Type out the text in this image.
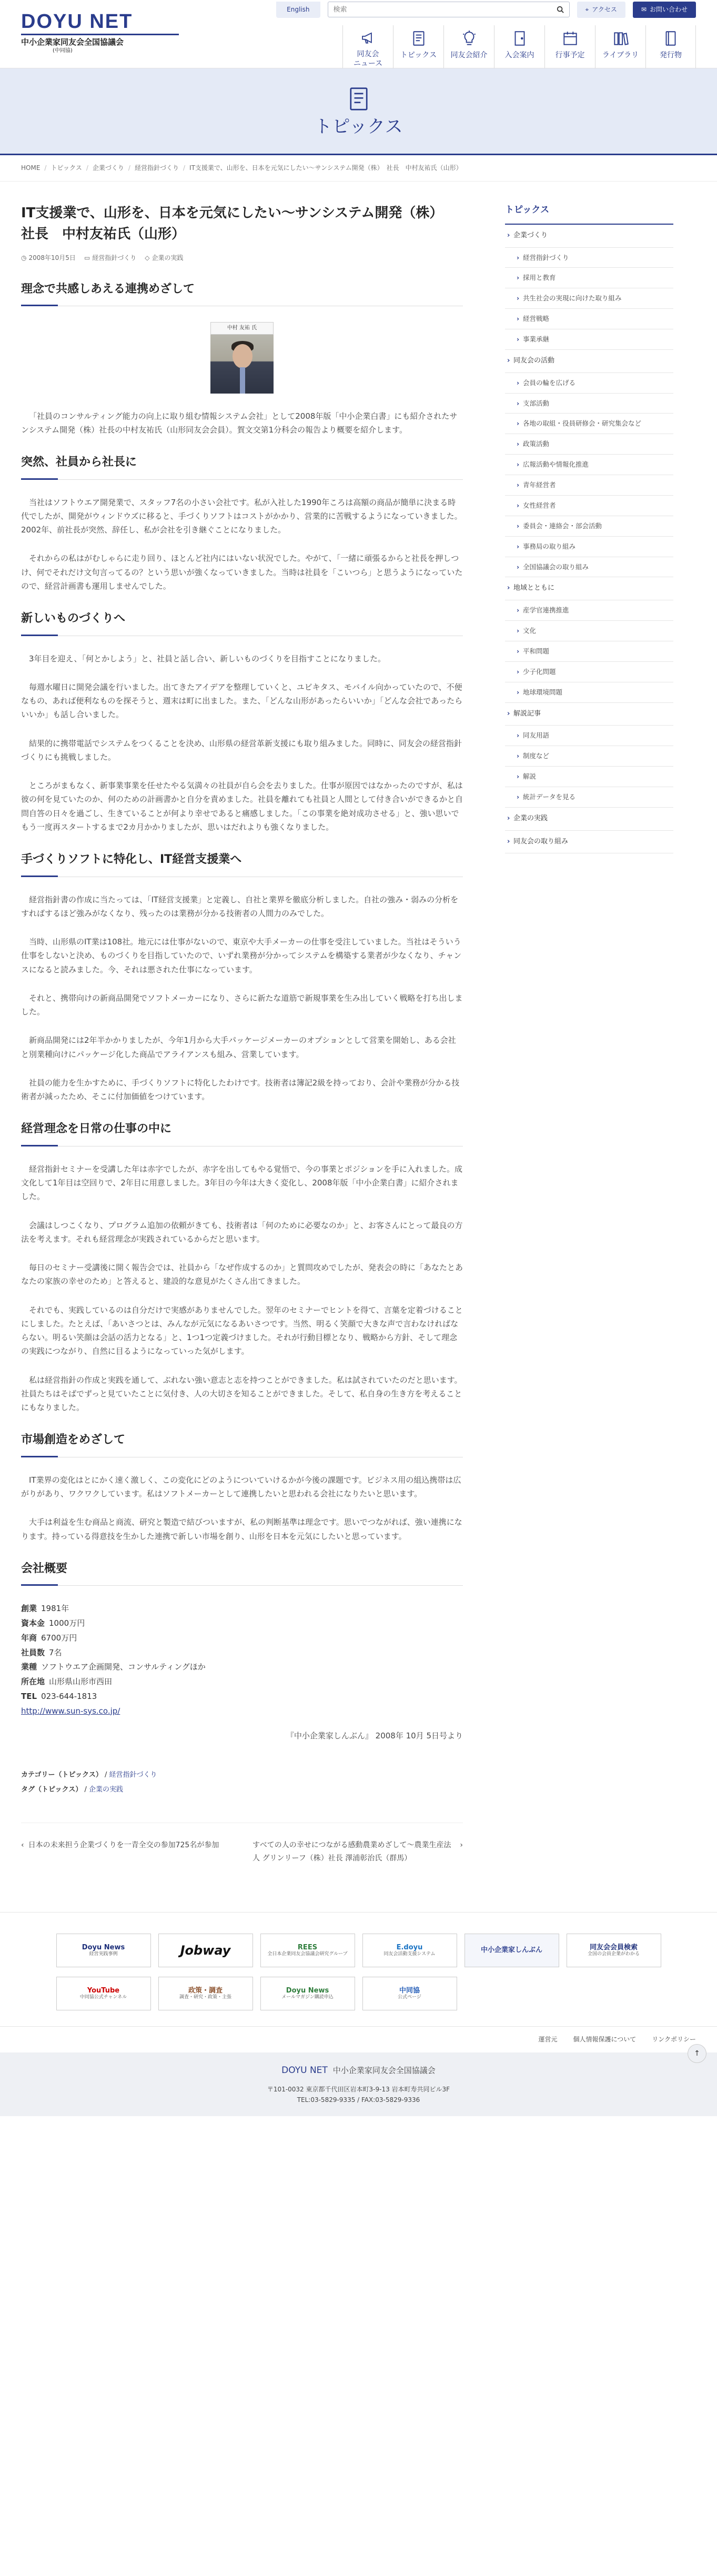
DOYU NET
中小企業家同友会全国協議会
(中同協)
English
検索	⌖ アクセス	✉ お問い合わせ
同友会
ニュース
トピックス 同友会紹介 入会案内	行事予定 ライブラリ	発行物
トピックス
HOME / トピックス / 企業づくり / 経営指針づくり / IT支援業で、山形を、日本を元気にしたい〜サンシステム開発（株）　社長　中村友祐氏（山形）
IT支援業で、山形を、日本を元気にしたい〜サンシステム開発（株）　社長　中村友祐氏（山形）
◷ 2008年10月5日 ▭ 経営指針づくり ◇ 企業の実践
理念で共感しあえる連携めざして
中村 友祐 氏

「社員のコンサルティング能力の向上に取り組む情報システム会社」として2008年版「中小企業白書」にも紹介されたサンシステム開発（株）社長の中村友祐氏（山形同友会会員）。賀文交第1分科会の報告より概要を紹介します。

突然、社員から社長に

当社はソフトウエア開発業で、スタッフ7名の小さい会社です。私が入社した1990年ころは高額の商品が簡単に決まる時代でしたが、開発がウィンドウズに移ると、手づくりソフトはコストがかかり、営業的に苦戦するようになっていきました。2002年、前社長が突然、辞任し、私が会社を引き継ぐことになりました。

それからの私はがむしゃらに走り回り、ほとんど社内にはいない状況でした。やがて、「一緒に頑張るからと社長を押しつけ、何でそれだけ文句言ってるの？という思いが強くなっていきました。当時は社員を「こいつら」と思うようになっていたので、経営計画書も運用しませんでした。

新しいものづくりへ

3年目を迎え、「何とかしよう」と、社員と話し合い、新しいものづくりを目指すことになりました。

毎週水曜日に開発会議を行いました。出てきたアイデアを整理していくと、ユビキタス、モバイル向かっていたので、不便なもの、あれば便利なものを探そうと、週末は町に出ました。また、「どんな山形があったらいいか」「どんな会社であったらいいか」も話し合いました。

結果的に携帯電話でシステムをつくることを決め、山形県の経営革新支援にも取り組みました。同時に、同友会の経営指針づくりにも挑戦しました。

ところがまもなく、新事業事業を任せたやる気満々の社員が自ら会を去りました。仕事が原因ではなかったのですが、私は彼の何を見ていたのか、何のための計画書かと自分を責めました。社員を離れても社員と人間として付き合いができるかと自問自答の日々を過ごし、生きていることが何より幸せであると痛感しました。「この事業を絶対成功させる」と、強い思いでもう一度再スタートするまで2カ月かかりましたが、思いはだれよりも強くなりました。

手づくりソフトに特化し、IT経営支援業へ

経営指針書の作成に当たっては、「IT経営支援業」と定義し、自社と業界を徹底分析しました。自社の強み・弱みの分析をすればするほど強みがなくなり、残ったのは業務が分かる技術者の人間力のみでした。

当時、山形県のIT業は108社。地元には仕事がないので、東京や大手メーカーの仕事を受注していました。当社はそういう仕事をしないと決め、ものづくりを目指していたので、いずれ業務が分かってシステムを構築する業者が少なくなり、チャンスになると読みました。今、それは悪された仕事になっています。

それと、携帯向けの新商品開発でソフトメーカーになり、さらに新たな道筋で新規事業を生み出していく戦略を打ち出しました。

新商品開発には2年半かかりましたが、今年1月から大手パッケージメーカーのオプションとして営業を開始し、ある会社と別業種向けにパッケージ化した商品でアライアンスも組み、営業しています。

社員の能力を生かすために、手づくりソフトに特化したわけです。技術者は簿記2級を持っており、会計や業務が分かる技術者が減ったため、そこに付加価値をつけています。

経営理念を日常の仕事の中に

経営指針セミナーを受講した年は赤字でしたが、赤字を出してもやる覚悟で、今の事業とポジションを手に入れました。成文化して1年目は空回りで、2年目に用意しました。3年目の今年は大きく変化し、2008年版「中小企業白書」に紹介されました。

会議はしつこくなり、プログラム追加の依頼がきても、技術者は「何のために必要なのか」と、お客さんにとって最良の方法を考えます。それも経営理念が実践されているからだと思います。

毎日のセミナー受講後に開く報告会では、社員から「なぜ作成するのか」と質問攻めでしたが、発表会の時に「あなたとあなたの家族の幸せのため」と答えると、建設的な意見がたくさん出てきました。

それでも、実践しているのは自分だけで実感がありませんでした。翌年のセミナーでヒントを得て、言葉を定着づけることにしました。たとえば、「あいさつとは、みんなが元気になるあいさつです。当然、明るく笑顔で大きな声で言わなければならない。明るい笑顔は会話の活力となる」と、1つ1つ定義づけました。それが行動目標となり、戦略から方針、そして理念の実践につながり、自然に目るようになっていった気がします。

私は経営指針の作成と実践を通して、ぶれない強い意志と志を持つことができました。私は試されていたのだと思います。社員たちはそばでずっと見ていたことに気付き、人の大切さを知ることができました。そして、私自身の生き方を考えることにもなりました。

市場創造をめざして

IT業界の変化はとにかく速く激しく、この変化にどのようについていけるかが今後の課題です。ビジネス用の組込携帯は広がりがあり、ワクワクしています。私はソフトメーカーとして連携したいと思われる会社になりたいと思います。

大手は利益を生む商品と商流、研究と製造で結びついますが、私の判断基準は理念です。思いでつながれば、強い連携になります。持っている得意技を生かした連携で新しい市場を創り、山形を日本を元気にしたいと思っています。

会社概要
創業 1981年
資本金 1000万円
年商 6700万円
社員数 7名
業種 ソフトウエア企画開発、コンサルティングほか
所在地 山形県山形市西田
TEL 023-644-1813
http://www.sun-sys.co.jp/
『中小企業家しんぶん』 2008年 10月 5日号より
カテゴリー（トピックス） / 経営指針づくり
タグ（トピックス） / 企業の実践
‹ 日本の未来担う企業づくりを一青全交の参加725名が参加	すべての人の幸せにつながる感動農業めざして〜農業生産法人 グリンリーフ（株）社長 澤浦彰治氏（群馬）
›
トピックス
› 企業づくり
› 経営指針づくり
› 採用と教育
› 共生社会の実現に向けた取り組み
› 経営戦略
› 事業承継
› 同友会の活動
› 会員の輪を広げる
› 支部活動
› 各地の取組・役員研修会・研究集会など
› 政策活動
› 広報活動や情報化推進
› 青年経営者
› 女性経営者
› 委員会・連絡会・部会活動
› 事務局の取り組み
› 全国協議会の取り組み
› 地域とともに
› 産学官連携推進
› 文化
› 平和問題
› 少子化問題
› 地球環境問題
› 解説記事
› 同友用語
› 制度など
› 解説
› 統計データを見る
› 企業の実践
› 同友会の取り組み
Doyu News
経営実践事例	Jobway	REES
全日本企業同友会協議会研究グループ
E.doyu
同友会活動支援システム
中小企業家しんぶん	同友会会員検索
全国の会員企業がわかる
YouTube
中同協公式チャンネル
政策・調査
調査・研究・政策・主張
Doyu News
メールマガジン購読申込
中同協
公式ページ
運営元	個人情報保護について	リンクポリシー
DOYU NET 中小企業家同友会全国協議会
〒101-0032 東京都千代田区岩本町3-9-13 岩本町寿共同ビル3F
TEL:03-5829-9335 / FAX:03-5829-9336
↑
